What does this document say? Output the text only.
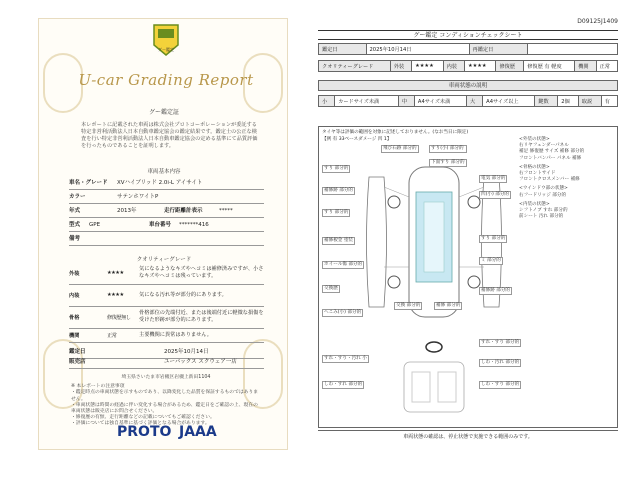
グー鑑定
U-car Grading Report
グー鑑定証
本レポートに記載された車両は株式会社プロトコーポレーションが委託する特定非営利活動法人日本自動車鑑定協会の鑑定結果です。鑑定士の公正な検査を行い特定非営利活動法人日本自動車鑑定協会の定める基準にて品質評価を行ったものであることを証明します。
車両基本内容
車名・グレード XVハイブリッド 2.0i-L アイサイト
カラー	サテンホワイトP
年式	2013年	走行距離計表示	*****
型式 GPE	車台番号 *******416
備考
クオリティーグレード
外装	★★★★
気になるようなキズやヘコミは補修済みですが、小さなキズやヘコミは残っています。
内装	★★★★	気になる汚れ等が部分的にあります。
骨格	修復歴無し
骨格部位の先端付近、または後端付近に軽微な損傷を受けた形跡が部分的にあります。
機関	正常	主要機関に異常はありません。
鑑定日	2025年10月14日
販売店	ユーバックス スクウェア一店
埼玉県さいたま市岩槻区岩槻上新田1104
※ 本レポートの注意事項
・鑑定時点の車両状態を示すものであり、以降変化した品質を保証するものではありません。
・車両状態は時間の経過に伴い変化する場合があるため、鑑定日をご確認の上、現在の車両状態は販売店にお問合せください。
・修復歴の有無、走行距離などの記載についてもご確認ください。
・評価については独自基準に基づく評価となる場合があります。
PROTO JAAA
D09125J1409
グー鑑定 コンディションチェックシート
鑑定日	2025年10月14日	再鑑定日	
クオリティーグレード	外装	★★★★	内装	★★★★	修復歴	修復歴 有 軽度	機関	正常
車両状態の説明
小	カードサイズ未満	中	A4サイズ未満	大	A4サイズ以上	鍵数	2個	取説	有
タイヤ等は評価の範囲を対象に記述しておりません。(なお当日に限定)
【例 有 33ベースダメージ 凹 1】
飛び石跡 部分的	すり(小) 部分的
下面すり 部分的
すり 部分的
電気 部分的
補修跡 部分的
凹(小) 部分的
すり 部分的
補修板金 塗装	すり 部分的
ホイール傷 部分的
ミ 部分的
交換歴
交換 部分的	補修 部分的
補修跡 部分的
へこみ(小) 部分的
すれ・すり 部分的
すれ・すり・汚れ 小
しわ・汚れ 部分的
しわ・すれ 部分的	しわ・すり 部分的
<外装の状態>
右リヤフェンダーパネル
補足 修復歴 サイズ 補修 部分的
フロントバンパー パネル 補修
<骨格の状態>
右フロントサイド
フロントクロスメンバー 補修
<ウインドウ部の状態>
右フードリッジ 部分的
<内装の状態>
シフトノブ すれ 部分的
前シート 汚れ 部分的
車両状態の確認は、停止状態で実施できる範囲のみです。
